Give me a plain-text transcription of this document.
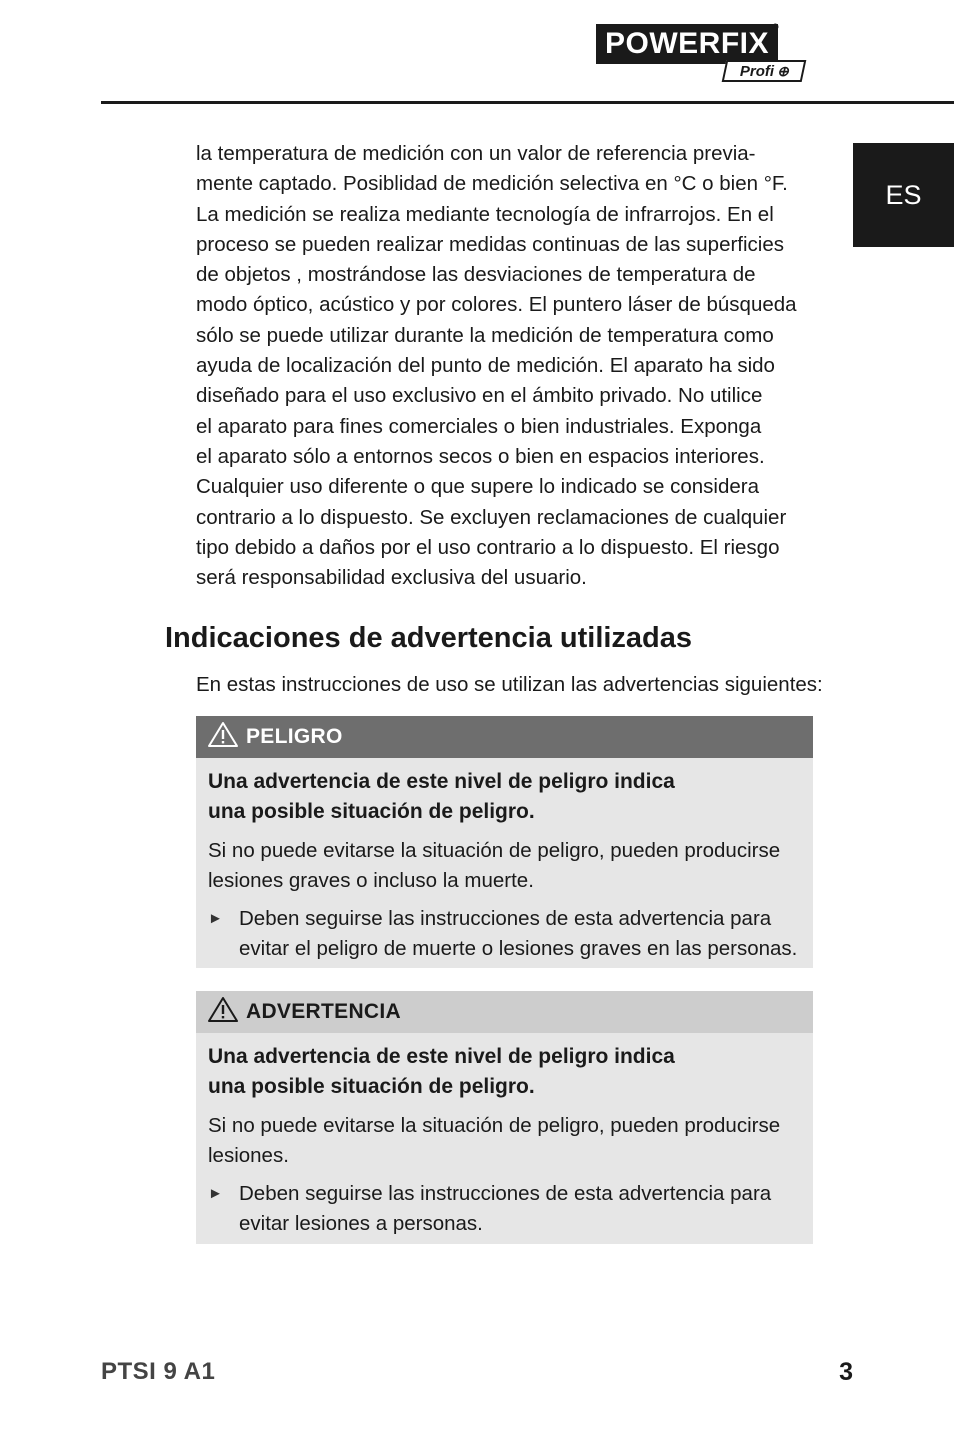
POWERFIX ®
Profi ⊕
ES
la temperatura de medición con un valor de referencia previa-
mente captado. Posiblidad de medición selectiva en °C o bien °F.
La medición se realiza mediante tecnología de infrarrojos. En el
proceso se pueden realizar medidas continuas de las superficies
de objetos , mostrándose las desviaciones de temperatura de
modo óptico, acústico y por colores. El puntero láser de búsqueda
sólo se puede utilizar durante la medición de temperatura como
ayuda de localización del punto de medición. El aparato ha sido
diseñado para el uso exclusivo en el ámbito privado. No utilice
el aparato para fines comerciales o bien industriales. Exponga
el aparato sólo a entornos secos o bien en espacios interiores.
Cualquier uso diferente o que supere lo indicado se considera
contrario a lo dispuesto. Se excluyen reclamaciones de cualquier
tipo debido a daños por el uso contrario a lo dispuesto. El riesgo
será responsabilidad exclusiva del usuario.
Indicaciones de advertencia utilizadas
En estas instrucciones de uso se utilizan las advertencias siguientes:
PELIGRO
Una advertencia de este nivel de peligro indica
una posible situación de peligro.
Si no puede evitarse la situación de peligro, pueden producirse
lesiones graves o incluso la muerte.
► Deben seguirse las instrucciones de esta advertencia para
evitar el peligro de muerte o lesiones graves en las personas.
ADVERTENCIA
Una advertencia de este nivel de peligro indica
una posible situación de peligro.
Si no puede evitarse la situación de peligro, pueden producirse
lesiones.
► Deben seguirse las instrucciones de esta advertencia para
evitar lesiones a personas.
PTSI 9 A1	3
